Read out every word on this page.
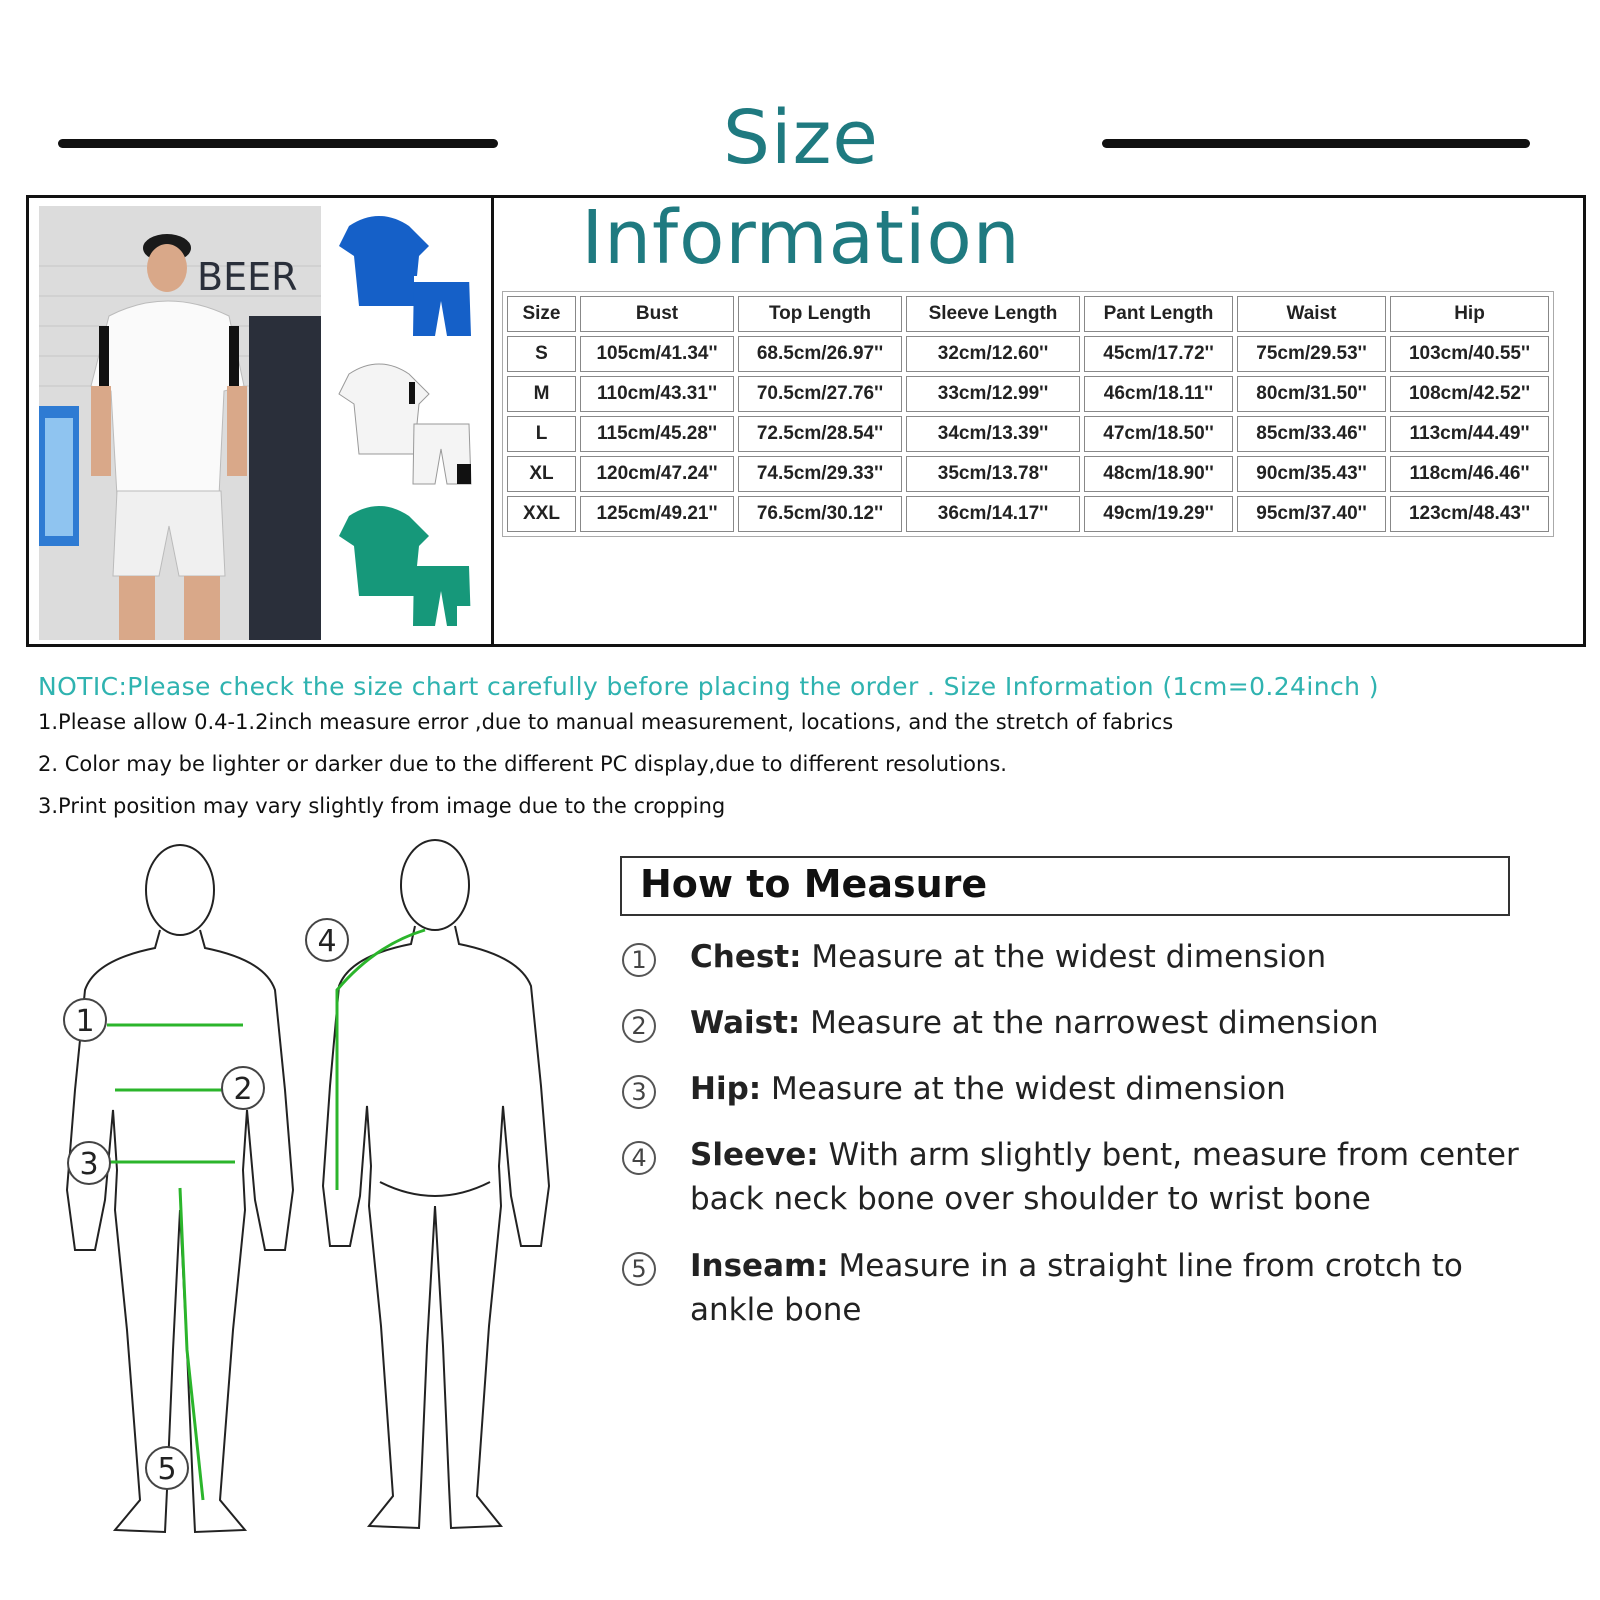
Size Information
BEER
Size	Bust	Top Length	Sleeve Length	Pant Length	Waist	Hip
S	105cm/41.34''	68.5cm/26.97''	32cm/12.60''	45cm/17.72''	75cm/29.53''	103cm/40.55''
M	110cm/43.31''	70.5cm/27.76''	33cm/12.99''	46cm/18.11''	80cm/31.50''	108cm/42.52''
L	115cm/45.28''	72.5cm/28.54''	34cm/13.39''	47cm/18.50''	85cm/33.46''	113cm/44.49''
XL	120cm/47.24''	74.5cm/29.33''	35cm/13.78''	48cm/18.90''	90cm/35.43''	118cm/46.46''
XXL	125cm/49.21''	76.5cm/30.12''	36cm/14.17''	49cm/19.29''	95cm/37.40''	123cm/48.43''
NOTIC:Please check the size chart carefully before placing the order . Size Information (1cm=0.24inch )
1.Please allow 0.4-1.2inch measure error ,due to manual measurement, locations, and the stretch of fabrics
2. Color may be lighter or darker due to the different PC display,due to different resolutions.
3.Print position may vary slightly from image due to the cropping
1
2
3
4
5
How to Measure
1	Chest: Measure at the widest dimension
2	Waist: Measure at the narrowest dimension
3	Hip: Measure at the widest dimension
4	Sleeve: With arm slightly bent, measure from center back neck bone over shoulder to wrist bone
5	Inseam: Measure in a straight line from crotch to ankle bone
